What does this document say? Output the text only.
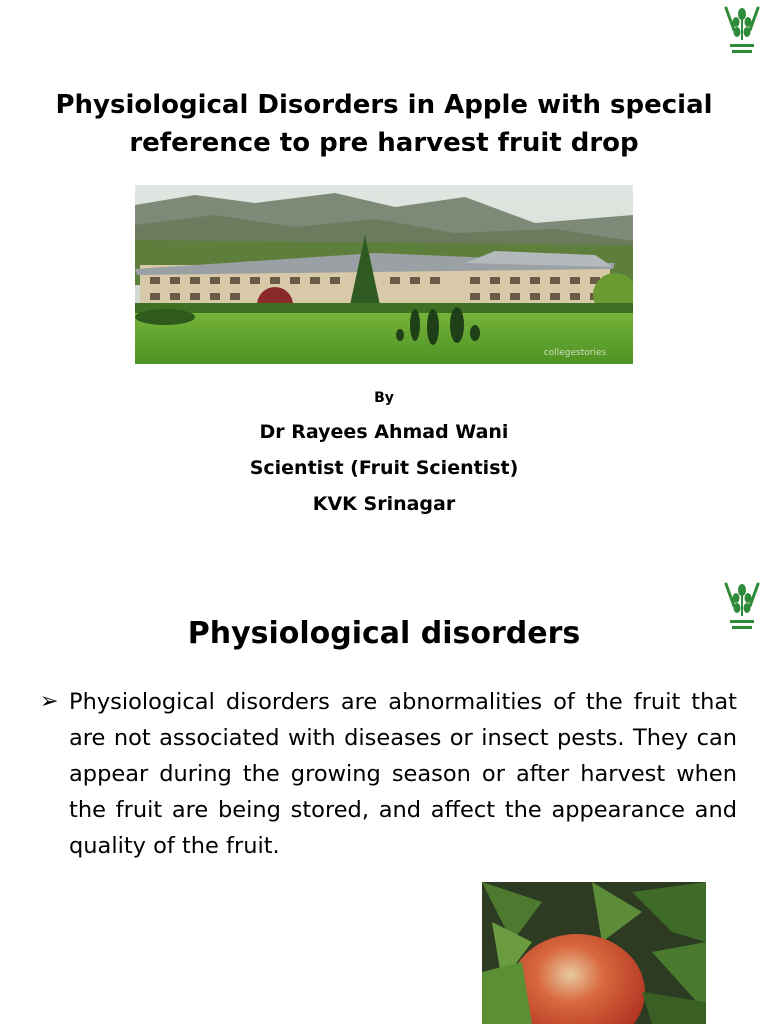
Physiological Disorders in Apple with special
reference to pre harvest fruit drop
collegestories
By
Dr Rayees Ahmad Wani
Scientist (Fruit Scientist)
KVK Srinagar
Physiological disorders
➢ Physiological disorders are abnormalities of the fruit that are not associated with diseases or insect pests. They can appear during the growing season or after harvest when the fruit are being stored, and affect the appearance and quality of the fruit.
